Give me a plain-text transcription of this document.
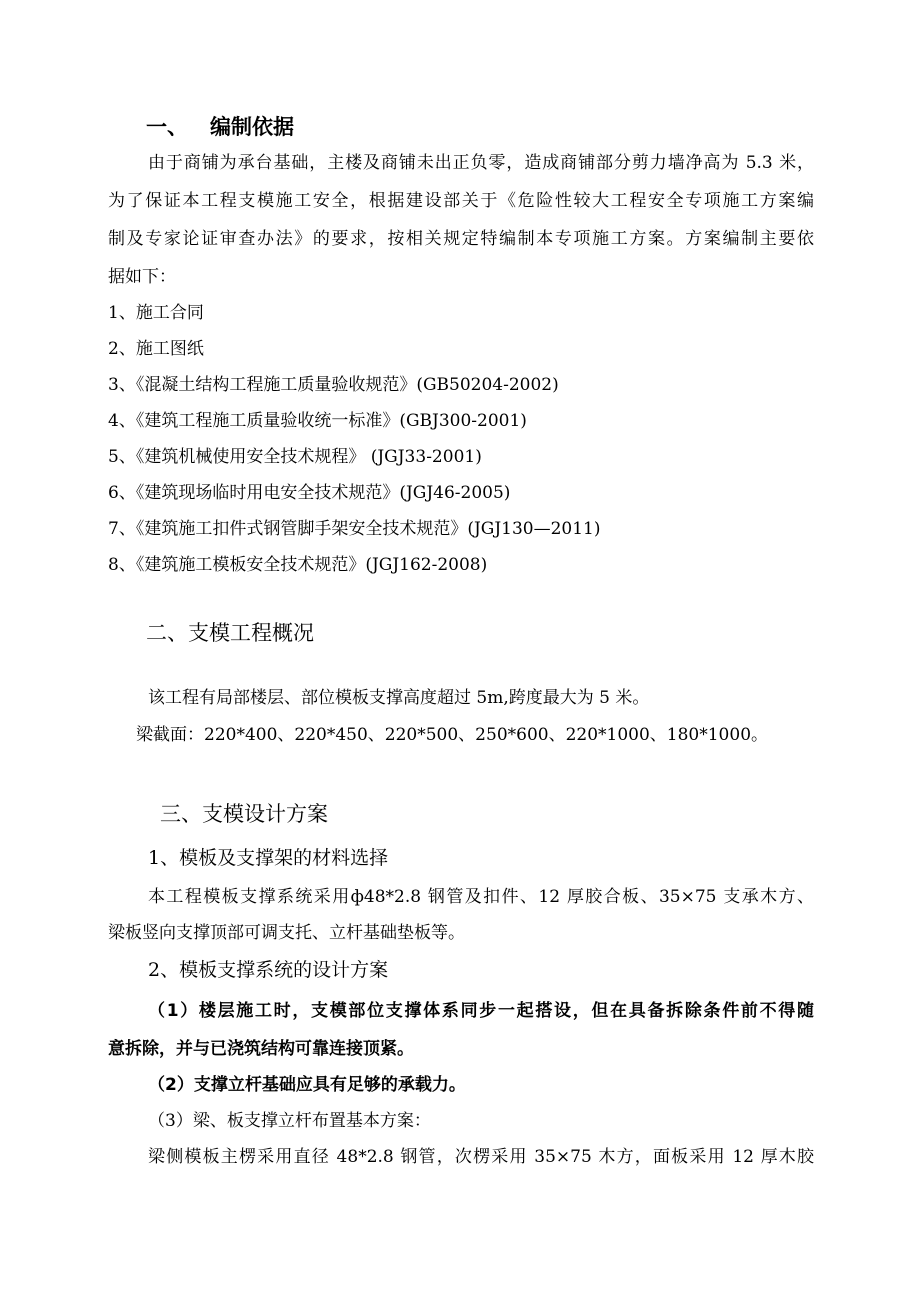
一、 编制依据
由于商铺为承台基础，主楼及商铺未出正负零，造成商铺部分剪力墙净高为 5.3 米，
为了保证本工程支模施工安全，根据建设部关于《危险性较大工程安全专项施工方案编
制及专家论证审查办法》的要求，按相关规定特编制本专项施工方案。方案编制主要依
据如下：
1、施工合同
2、施工图纸
3、《混凝土结构工程施工质量验收规范》(GB50204-2002)
4、《建筑工程施工质量验收统一标准》(GBJ300-2001)
5、《建筑机械使用安全技术规程》 (JGJ33-2001)
6、《建筑现场临时用电安全技术规范》(JGJ46-2005)
7、《建筑施工扣件式钢管脚手架安全技术规范》(JGJ130—2011)
8、《建筑施工模板安全技术规范》(JGJ162-2008)
二、支模工程概况
该工程有局部楼层、部位模板支撑高度超过 5m,跨度最大为 5 米。
梁截面：220*400、220*450、220*500、250*600、220*1000、180*1000。
三、支模设计方案
1、模板及支撑架的材料选择
本工程模板支撑系统采用ф48*2.8 钢管及扣件、12 厚胶合板、35×75 支承木方、
梁板竖向支撑顶部可调支托、立杆基础垫板等。
2、模板支撑系统的设计方案
（1）楼层施工时，支模部位支撑体系同步一起搭设，但在具备拆除条件前不得随
意拆除，并与已浇筑结构可靠连接顶紧。
（2）支撑立杆基础应具有足够的承载力。
（3）梁、板支撑立杆布置基本方案：
梁侧模板主楞采用直径 48*2.8 钢管，次楞采用 35×75 木方，面板采用 12 厚木胶
